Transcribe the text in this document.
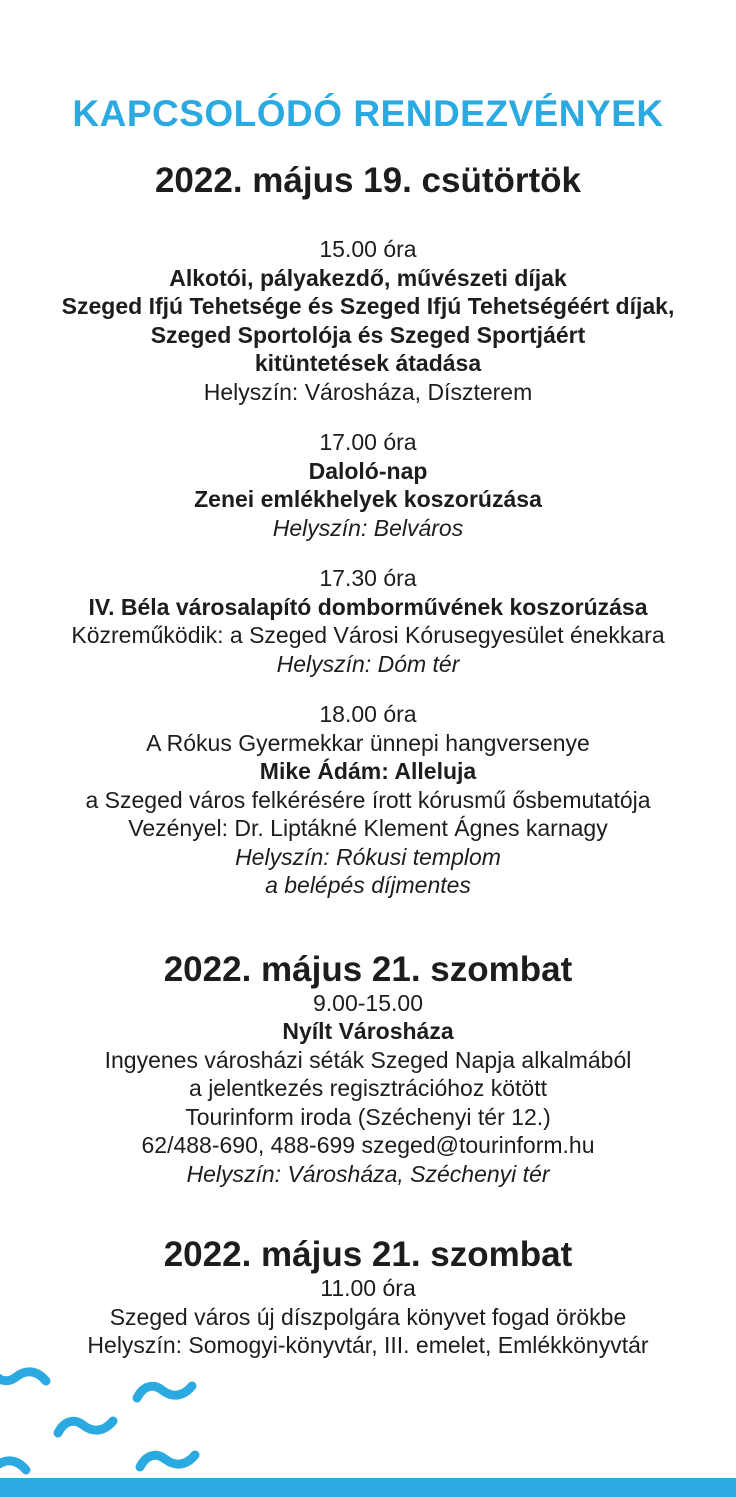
KAPCSOLÓDÓ RENDEZVÉNYEK
2022. május 19. csütörtök
15.00 óra
Alkotói, pályakezdő, művészeti díjak
Szeged Ifjú Tehetsége és Szeged Ifjú Tehetségéért díjak,
Szeged Sportolója és Szeged Sportjáért
kitüntetések átadása
Helyszín: Városháza, Díszterem
17.00 óra
Daloló-nap
Zenei emlékhelyek koszorúzása
Helyszín: Belváros
17.30 óra
IV. Béla városalapító domborművének koszorúzása
Közreműködik: a Szeged Városi Kórusegyesület énekkara
Helyszín: Dóm tér
18.00 óra
A Rókus Gyermekkar ünnepi hangversenye
Mike Ádám: Alleluja
a Szeged város felkérésére írott kórusmű ősbemutatója
Vezényel: Dr. Liptákné Klement Ágnes karnagy
Helyszín: Rókusi templom
a belépés díjmentes
2022. május 21. szombat
9.00-15.00
Nyílt Városháza
Ingyenes városházi séták Szeged Napja alkalmából
a jelentkezés regisztrációhoz kötött
Tourinform iroda (Széchenyi tér 12.)
62/488-690, 488-699 szeged@tourinform.hu
Helyszín: Városháza, Széchenyi tér
2022. május 21. szombat
11.00 óra
Szeged város új díszpolgára könyvet fogad örökbe
Helyszín: Somogyi-könyvtár, III. emelet, Emlékkönyvtár
